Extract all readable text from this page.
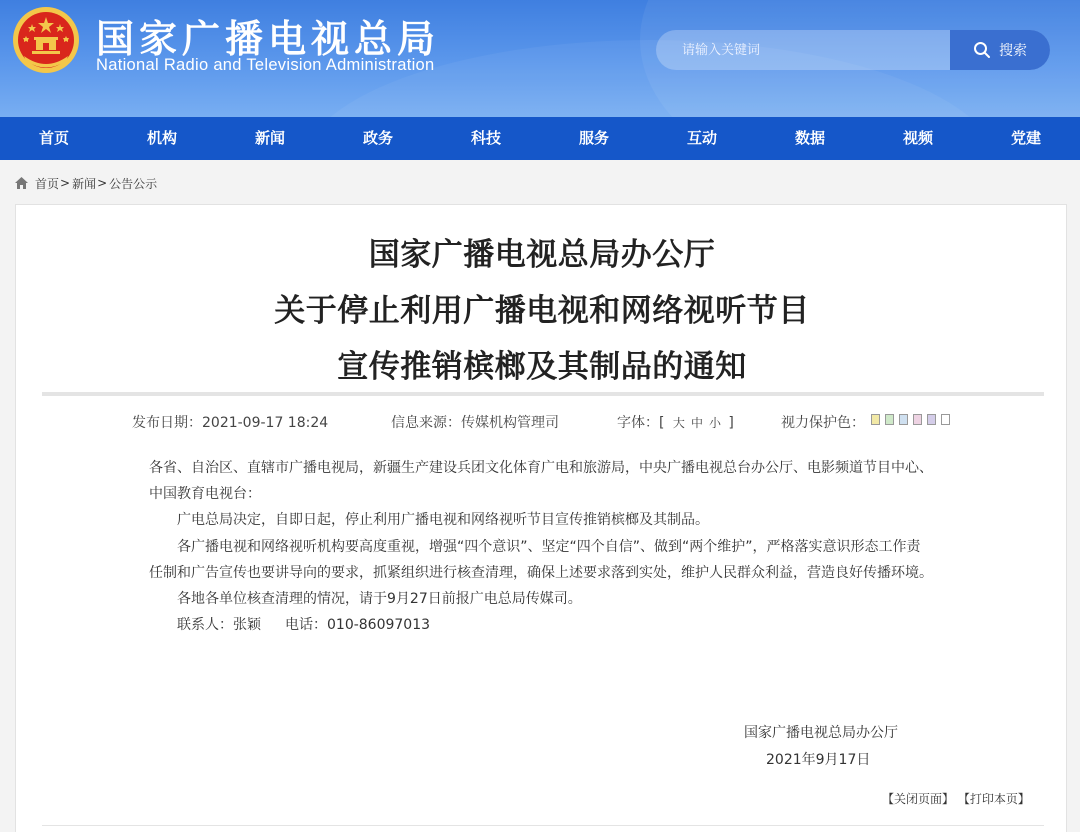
国家广播电视总局
National Radio and Television Administration
请输入关键词
搜索
首页	机构	新闻	政务	科技	服务	互动	数据	视频	党建
首页 > 新闻 > 公告公示
国家广播电视总局办公厅
关于停止利用广播电视和网络视听节目
宣传推销槟榔及其制品的通知
发布日期：2021-09-17 18:24	信息来源：传媒机构管理司	字体：[ 大 中 小 ]	视力保护色：

各省、自治区、直辖市广播电视局，新疆生产建设兵团文化体育广电和旅游局，中央广播电视总台办公厅、电影频道节目中心、中国教育电视台：

广电总局决定，自即日起，停止利用广播电视和网络视听节目宣传推销槟榔及其制品。

各广播电视和网络视听机构要高度重视，增强“四个意识”、坚定“四个自信”、做到“两个维护”，严格落实意识形态工作责任制和广告宣传也要讲导向的要求，抓紧组织进行核查清理，确保上述要求落到实处，维护人民群众利益，营造良好传播环境。

各地各单位核查清理的情况，请于9月27日前报广电总局传媒司。

联系人：张颖 电话：010-86097013

国家广播电视总局办公厅
2021年9月17日
【关闭页面】 【打印本页】
